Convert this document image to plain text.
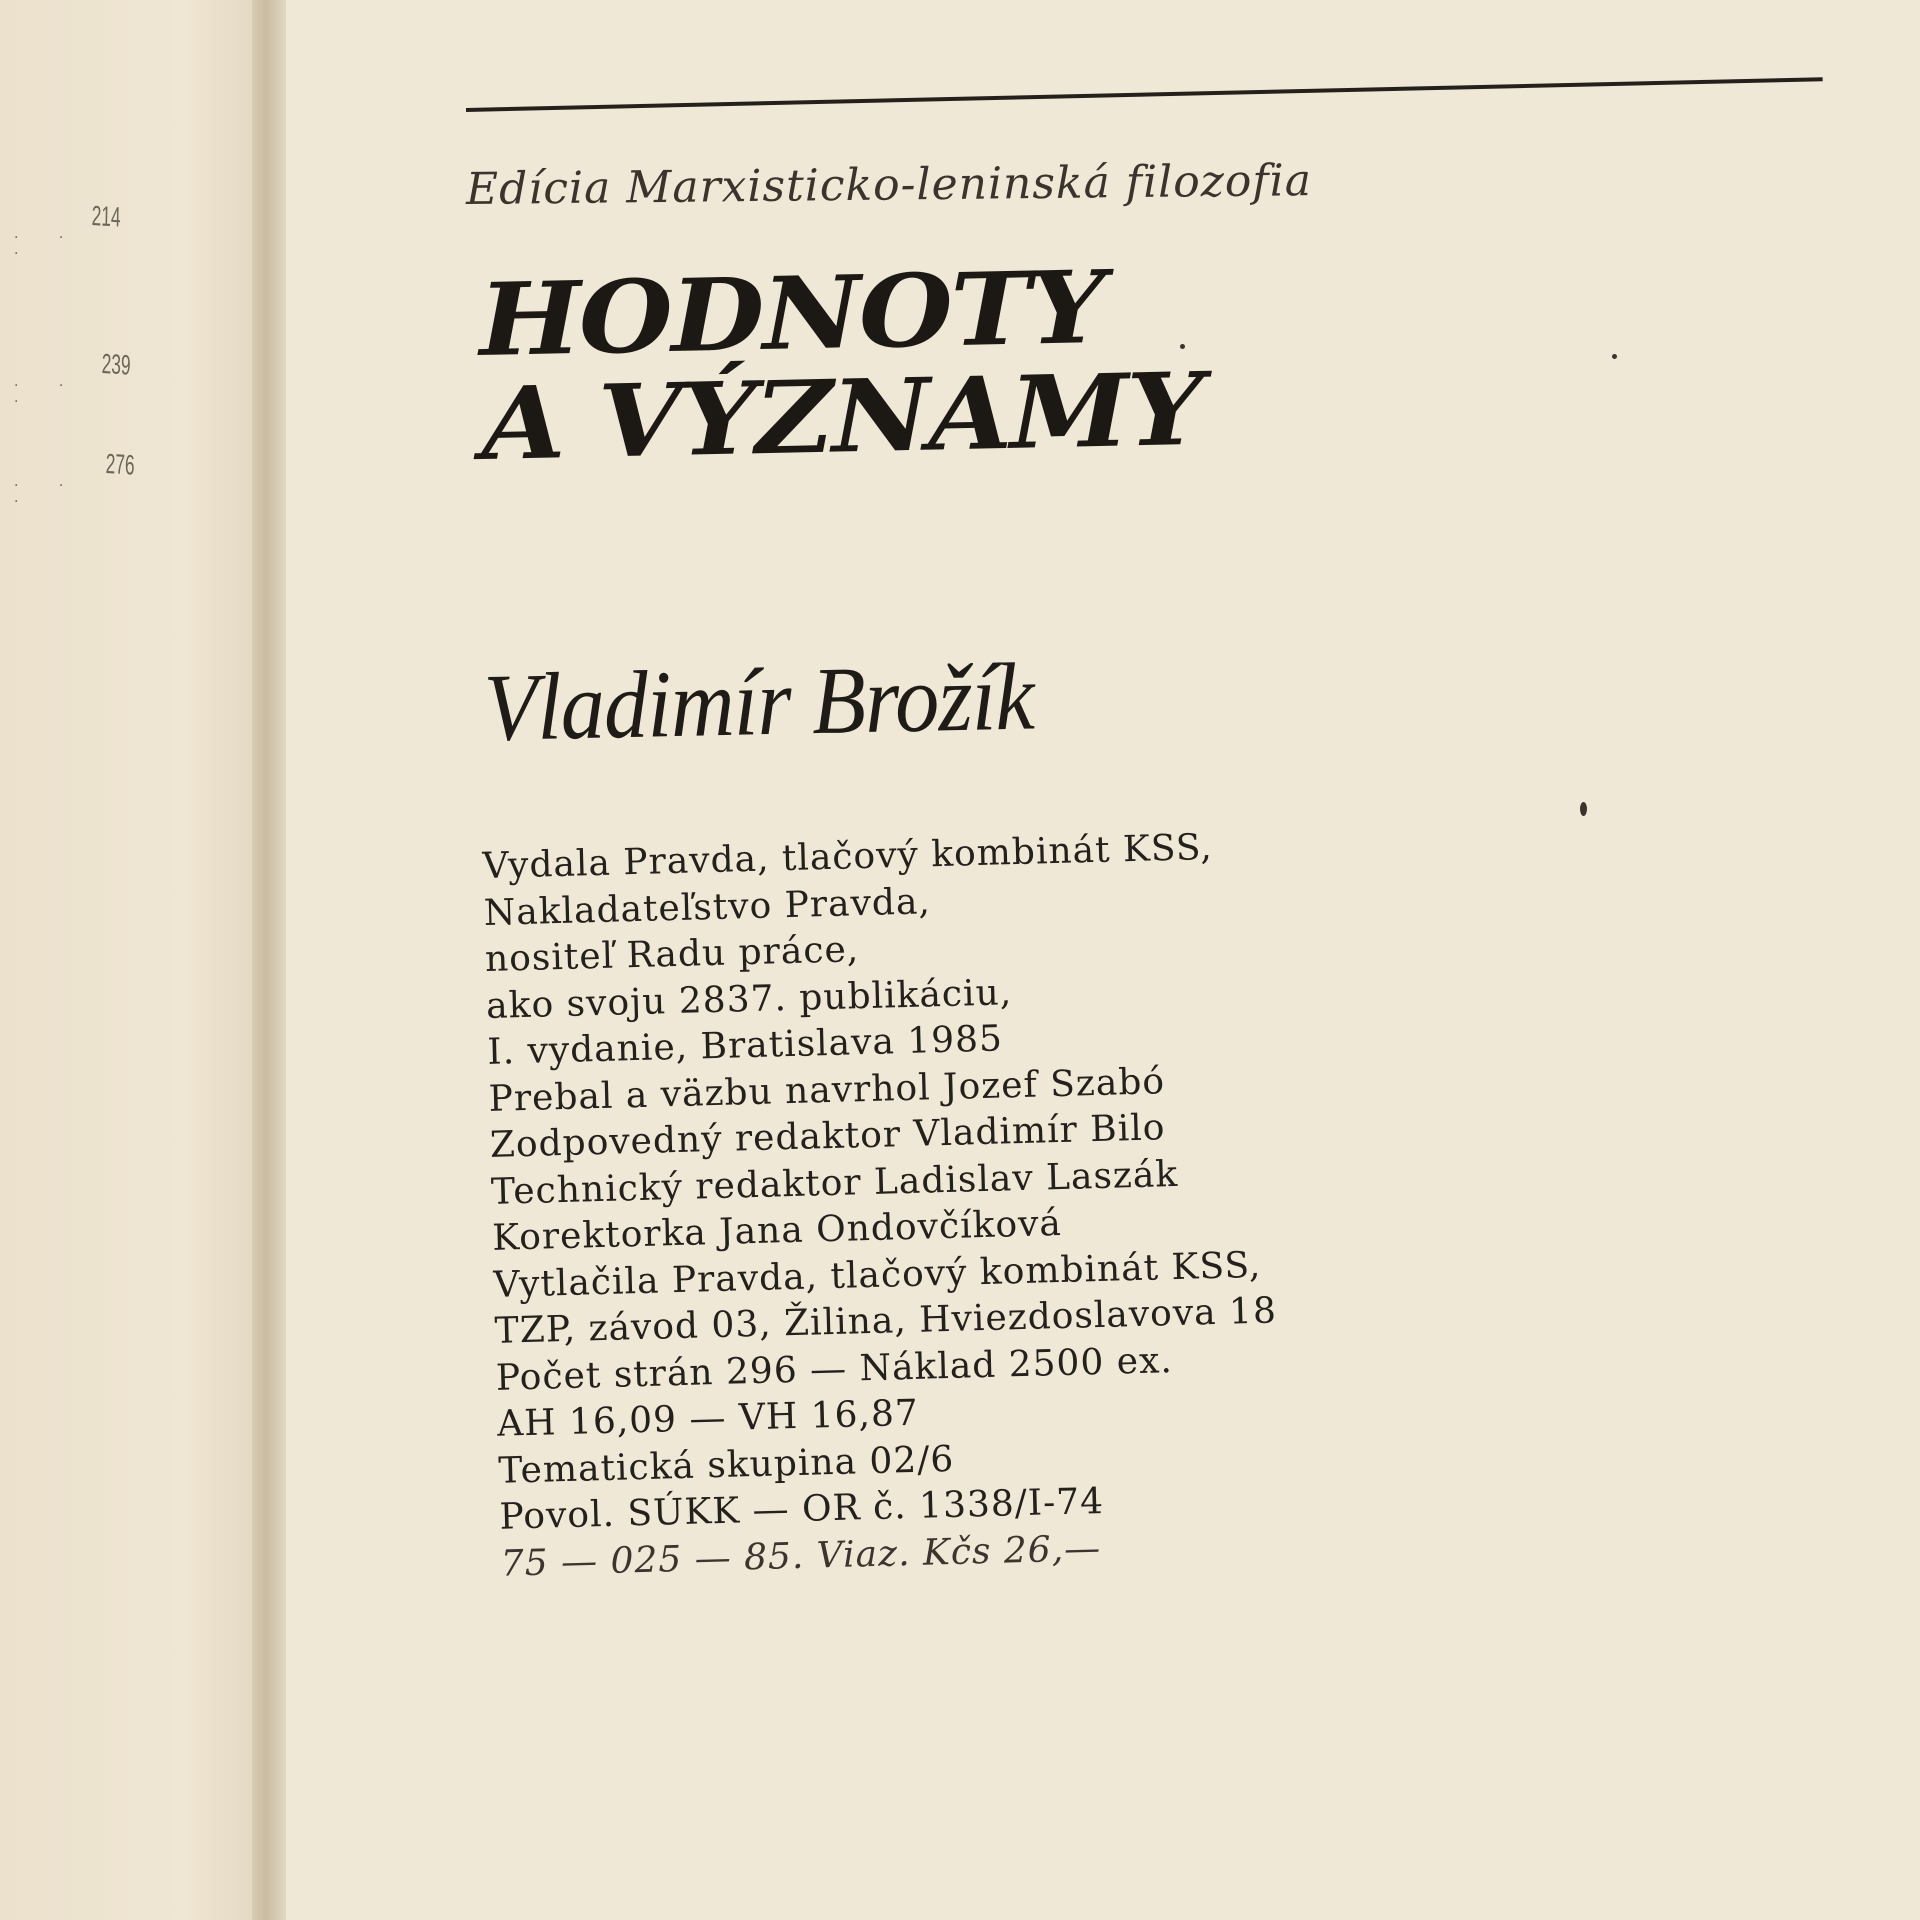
. . .
214
. . .
239
. . .
276
Edícia Marxisticko-leninská filozofia
HODNOTY
A VÝZNAMY
Vladimír Brožík
Vydala Pravda, tlačový kombinát KSS,
Nakladateľstvo Pravda,
nositeľ Radu práce,
ako svoju 2837. publikáciu,
I. vydanie, Bratislava 1985
Prebal a väzbu navrhol Jozef Szabó
Zodpovedný redaktor Vladimír Bilo
Technický redaktor Ladislav Laszák
Korektorka Jana Ondovčíková
Vytlačila Pravda, tlačový kombinát KSS,
TZP, závod 03, Žilina, Hviezdoslavova 18
Počet strán 296 — Náklad 2500 ex.
AH 16,09 — VH 16,87
Tematická skupina 02/6
Povol. SÚKK — OR č. 1338/I-74
75 — 025 — 85. Viaz. Kčs 26,—
